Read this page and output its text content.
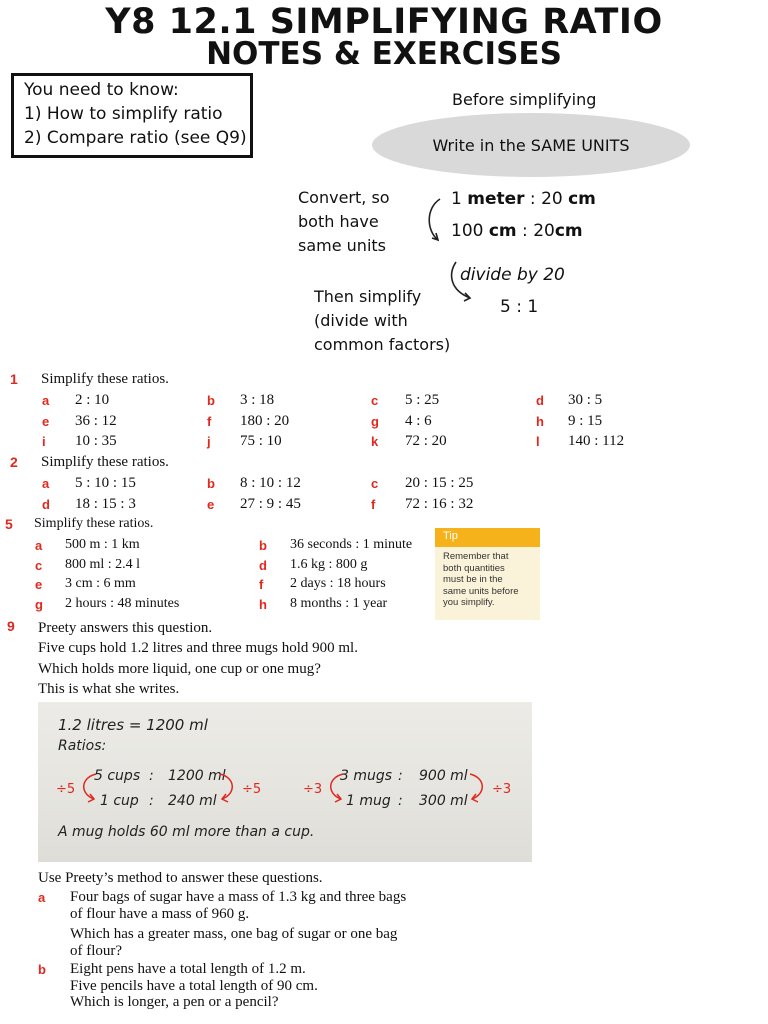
Y8 12.1 SIMPLIFYING RATIO
NOTES & EXERCISES
You need to know:
1) How to simplify ratio
2) Compare ratio (see Q9)
Before simplifying
Write in the SAME UNITS
Convert, so
both have
same units
1 meter : 20 cm
100 cm : 20cm
divide by 20
5 : 1
Then simplify
(divide with
common factors)
1 Simplify these ratios.
a 2 : 10	b 3 : 18	c 5 : 25	d 30 : 5
e 36 : 12	f 180 : 20	g 4 : 6	h 9 : 15
i 10 : 35	j 75 : 10	k 72 : 20	l 140 : 112
2 Simplify these ratios.
a 5 : 10 : 15	b 8 : 10 : 12	c 20 : 15 : 25
d 18 : 15 : 3	e 27 : 9 : 45	f 72 : 16 : 32
5 Simplify these ratios.
a 500 m : 1 km	b 36 seconds : 1 minute
c 800 ml : 2.4 l	d 1.6 kg : 800 g
e 3 cm : 6 mm	f 2 days : 18 hours
g 2 hours : 48 minutes	h 8 months : 1 year
Tip
Remember that
both quantities
must be in the
same units before
you simplify.
9 Preety answers this question.
Five cups hold 1.2 litres and three mugs hold 900 ml.
Which holds more liquid, one cup or one mug?
This is what she writes.
1.2 litres = 1200 ml
Ratios:
÷5
5 cups : 1200 ml
1 cup : 240 ml
÷5	÷3
3 mugs : 900 ml
1 mug : 300 ml
÷3
A mug holds 60 ml more than a cup.
Use Preety’s method to answer these questions.
a Four bags of sugar have a mass of 1.3 kg and three bags
of flour have a mass of 960 g.
Which has a greater mass, one bag of sugar or one bag
of flour?
b Eight pens have a total length of 1.2 m.
Five pencils have a total length of 90 cm.
Which is longer, a pen or a pencil?
